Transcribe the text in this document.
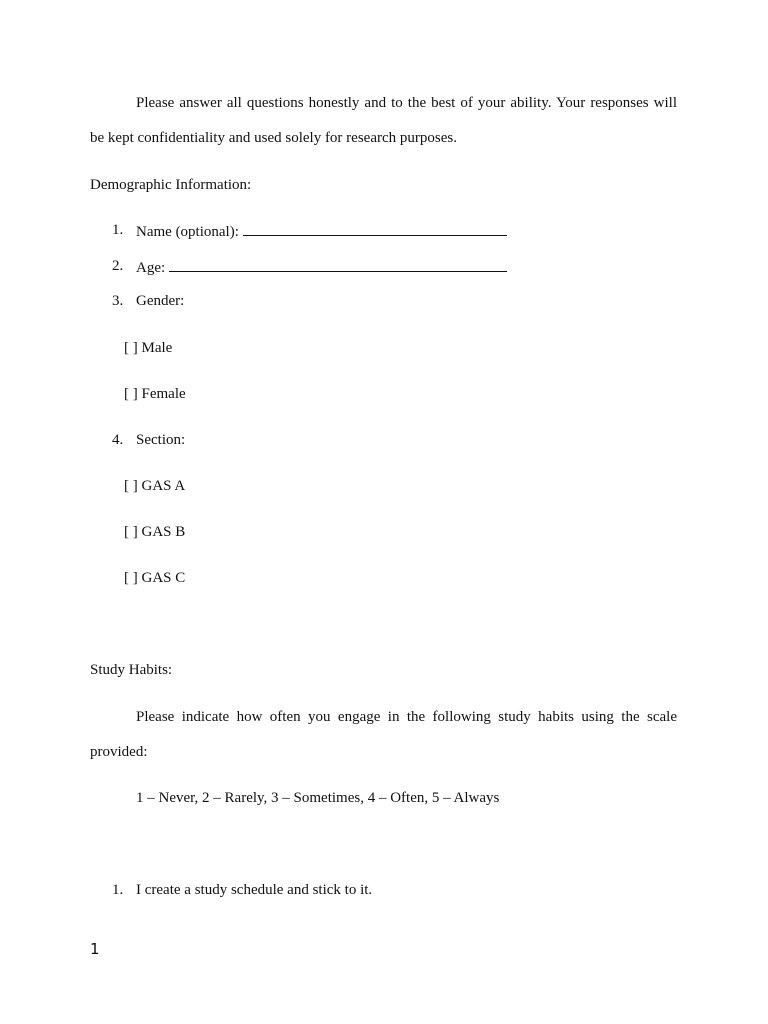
Please answer all questions honestly and to the best of your ability. Your responses will
be kept confidentiality and used solely for research purposes.
Demographic Information:
1. Name (optional):
2. Age:
3. Gender:
[ ] Male
[ ] Female
4. Section:
[ ] GAS A
[ ] GAS B
[ ] GAS C
Study Habits:
Please indicate how often you engage in the following study habits using the scale
provided:
1 – Never, 2 – Rarely, 3 – Sometimes, 4 – Often, 5 – Always
1. I create a study schedule and stick to it.
1
